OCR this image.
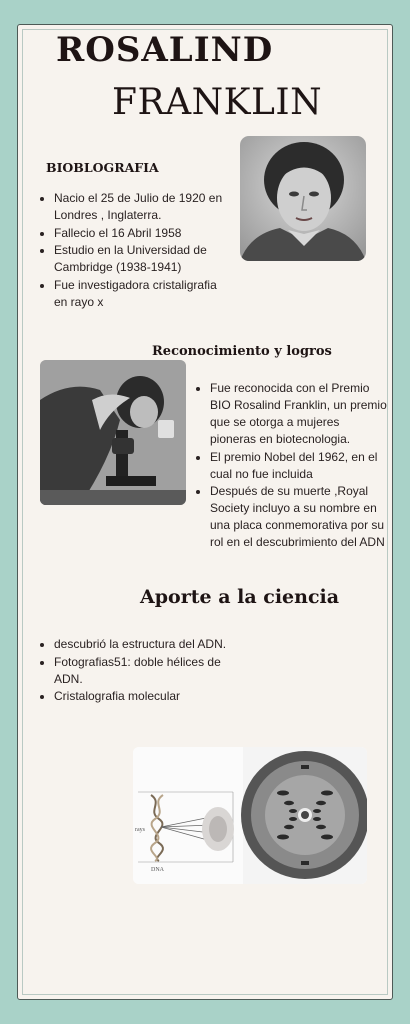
ROSALIND
FRANKLIN
BIOBLOGRAFIA
• Nacio el 25 de Julio de 1920 en Londres , Inglaterra.
• Fallecio el 16 Abril 1958
• Estudio en la Universidad de Cambridge (1938-1941)
• Fue investigadora cristaligrafia en rayo x
Reconocimiento y logros
• Fue reconocida con el Premio BIO Rosalind Franklin, un premio que se otorga a mujeres pioneras en biotecnologia.
• El premio Nobel del 1962, en el cual no fue incluida
• Después de su muerte ,Royal Society incluyo a su nombre en una placa conmemorativa por su rol en el descubrimiento del ADN
Aporte a la ciencia
• descubrió la estructura del ADN.
• Fotografias51: doble hélices de ADN.
• Cristalografia molecular
rays
DNA
